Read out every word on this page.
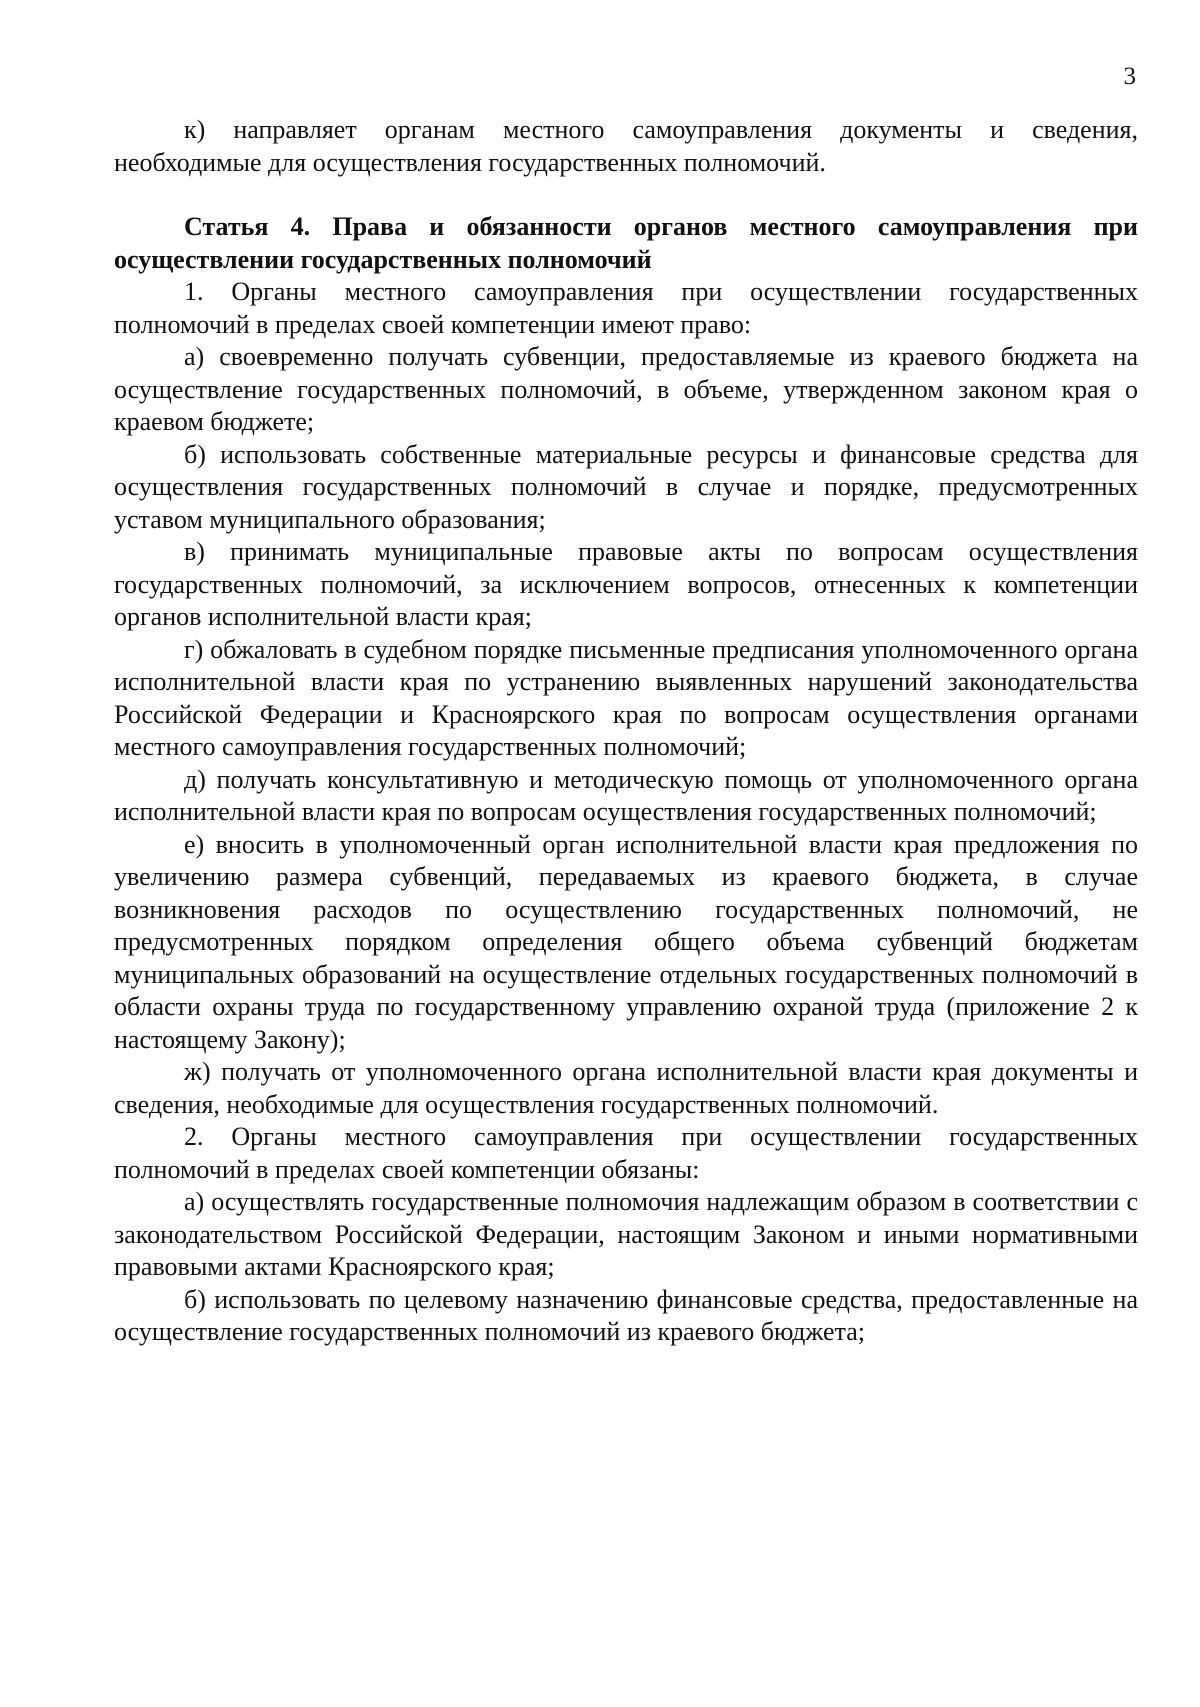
3

к) направляет органам местного самоуправления документы и сведения, необходимые для осуществления государственных полномочий.

Статья 4. Права и обязанности органов местного самоуправления при осуществлении государственных полномочий

1. Органы местного самоуправления при осуществлении государственных полномочий в пределах своей компетенции имеют право:

а) своевременно получать субвенции, предоставляемые из краевого бюджета на осуществление государственных полномочий, в объеме, утвержденном законом края о краевом бюджете;

б) использовать собственные материальные ресурсы и финансовые средства для осуществления государственных полномочий в случае и порядке, предусмотренных уставом муниципального образования;

в) принимать муниципальные правовые акты по вопросам осуществления государственных полномочий, за исключением вопросов, отнесенных к компетенции органов исполнительной власти края;

г) обжаловать в судебном порядке письменные предписания уполномоченного органа исполнительной власти края по устранению выявленных нарушений законодательства Российской Федерации и Красноярского края по вопросам осуществления органами местного самоуправления государственных полномочий;

д) получать консультативную и методическую помощь от уполномоченного органа исполнительной власти края по вопросам осуществления государственных полномочий;

е) вносить в уполномоченный орган исполнительной власти края предложения по увеличению размера субвенций, передаваемых из краевого бюджета, в случае возникновения расходов по осуществлению государственных полномочий, не предусмотренных порядком определения общего объема субвенций бюджетам муниципальных образований на осуществление отдельных государственных полномочий в области охраны труда по государственному управлению охраной труда (приложение 2 к настоящему Закону);

ж) получать от уполномоченного органа исполнительной власти края документы и сведения, необходимые для осуществления государственных полномочий.

2. Органы местного самоуправления при осуществлении государственных полномочий в пределах своей компетенции обязаны:

а) осуществлять государственные полномочия надлежащим образом в соответствии с законодательством Российской Федерации, настоящим Законом и иными нормативными правовыми актами Красноярского края;

б) использовать по целевому назначению финансовые средства, предоставленные на осуществление государственных полномочий из краевого бюджета;
